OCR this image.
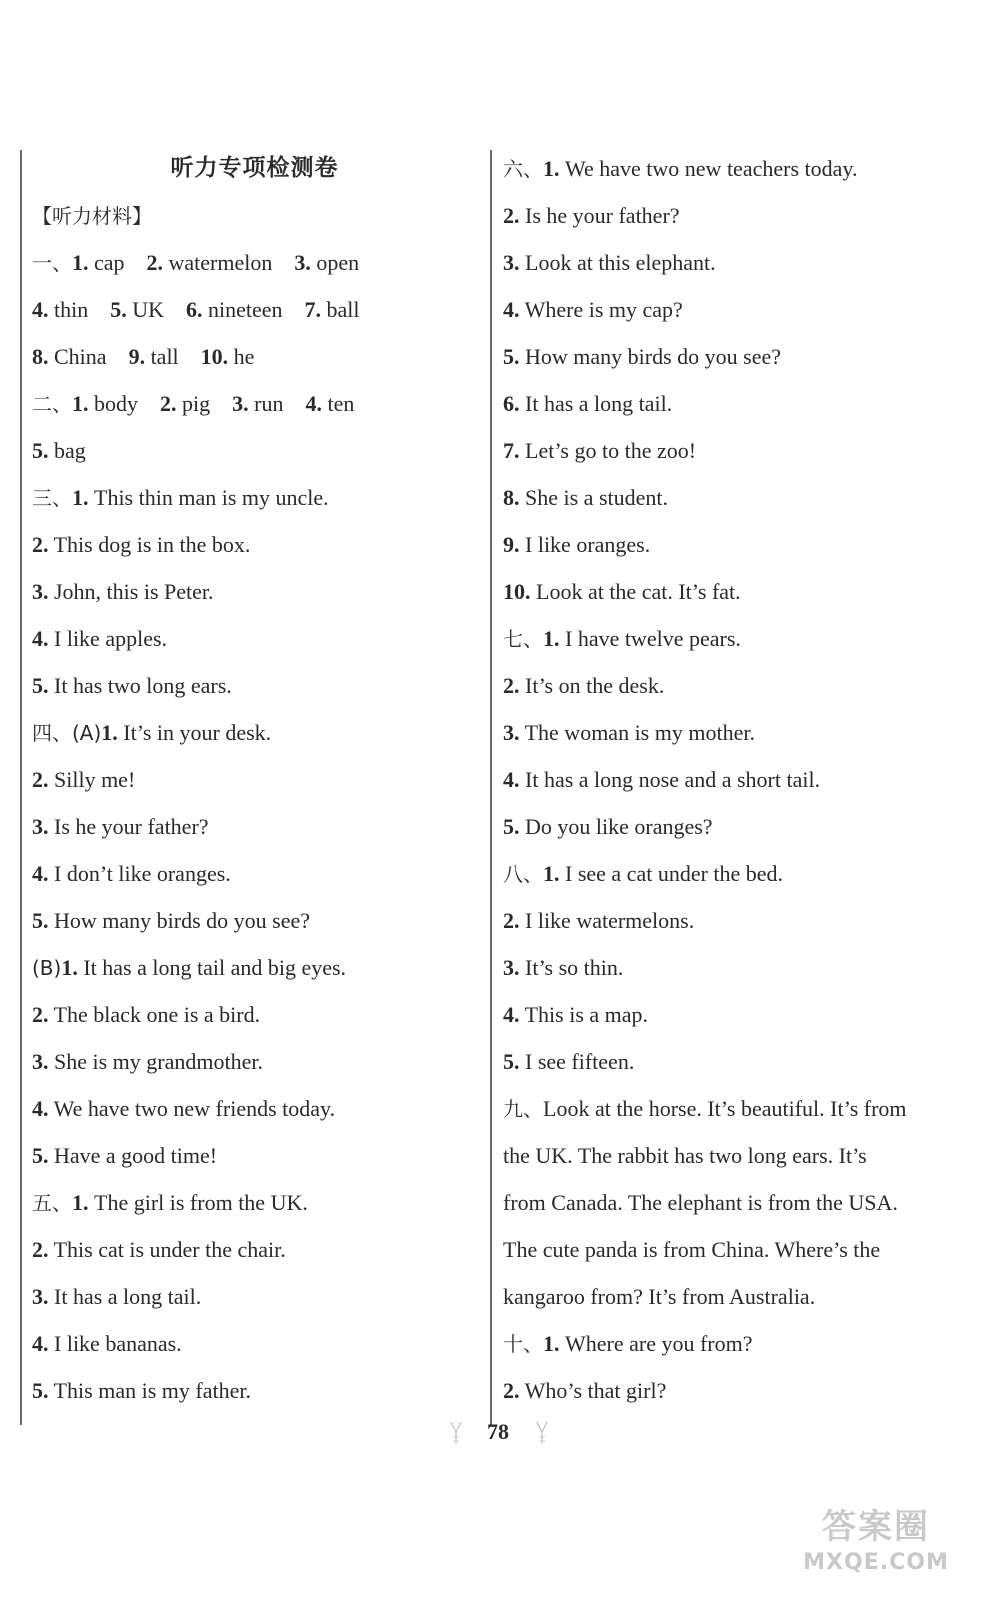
听力专项检测卷
【听力材料】
一、1. cap 2. watermelon 3. open
4. thin 5. UK 6. nineteen 7. ball
8. China 9. tall 10. he
二、1. body 2. pig 3. run 4. ten
5. bag
三、1. This thin man is my uncle.
2. This dog is in the box.
3. John, this is Peter.
4. I like apples.
5. It has two long ears.
四、(A)1. It’s in your desk.
2. Silly me!
3. Is he your father?
4. I don’t like oranges.
5. How many birds do you see?
(B)1. It has a long tail and big eyes.
2. The black one is a bird.
3. She is my grandmother.
4. We have two new friends today.
5. Have a good time!
五、1. The girl is from the UK.
2. This cat is under the chair.
3. It has a long tail.
4. I like bananas.
5. This man is my father.
六、1. We have two new teachers today.
2. Is he your father?
3. Look at this elephant.
4. Where is my cap?
5. How many birds do you see?
6. It has a long tail.
7. Let’s go to the zoo!
8. She is a student.
9. I like oranges.
10. Look at the cat. It’s fat.
七、1. I have twelve pears.
2. It’s on the desk.
3. The woman is my mother.
4. It has a long nose and a short tail.
5. Do you like oranges?
八、1. I see a cat under the bed.
2. I like watermelons.
3. It’s so thin.
4. This is a map.
5. I see fifteen.
九、Look at the horse. It’s beautiful. It’s from
the UK. The rabbit has two long ears. It’s
from Canada. The elephant is from the USA.
The cute panda is from China. Where’s the
kangaroo from? It’s from Australia.
十、1. Where are you from?
2. Who’s that girl?
78
答案圈
MXQE.COM
